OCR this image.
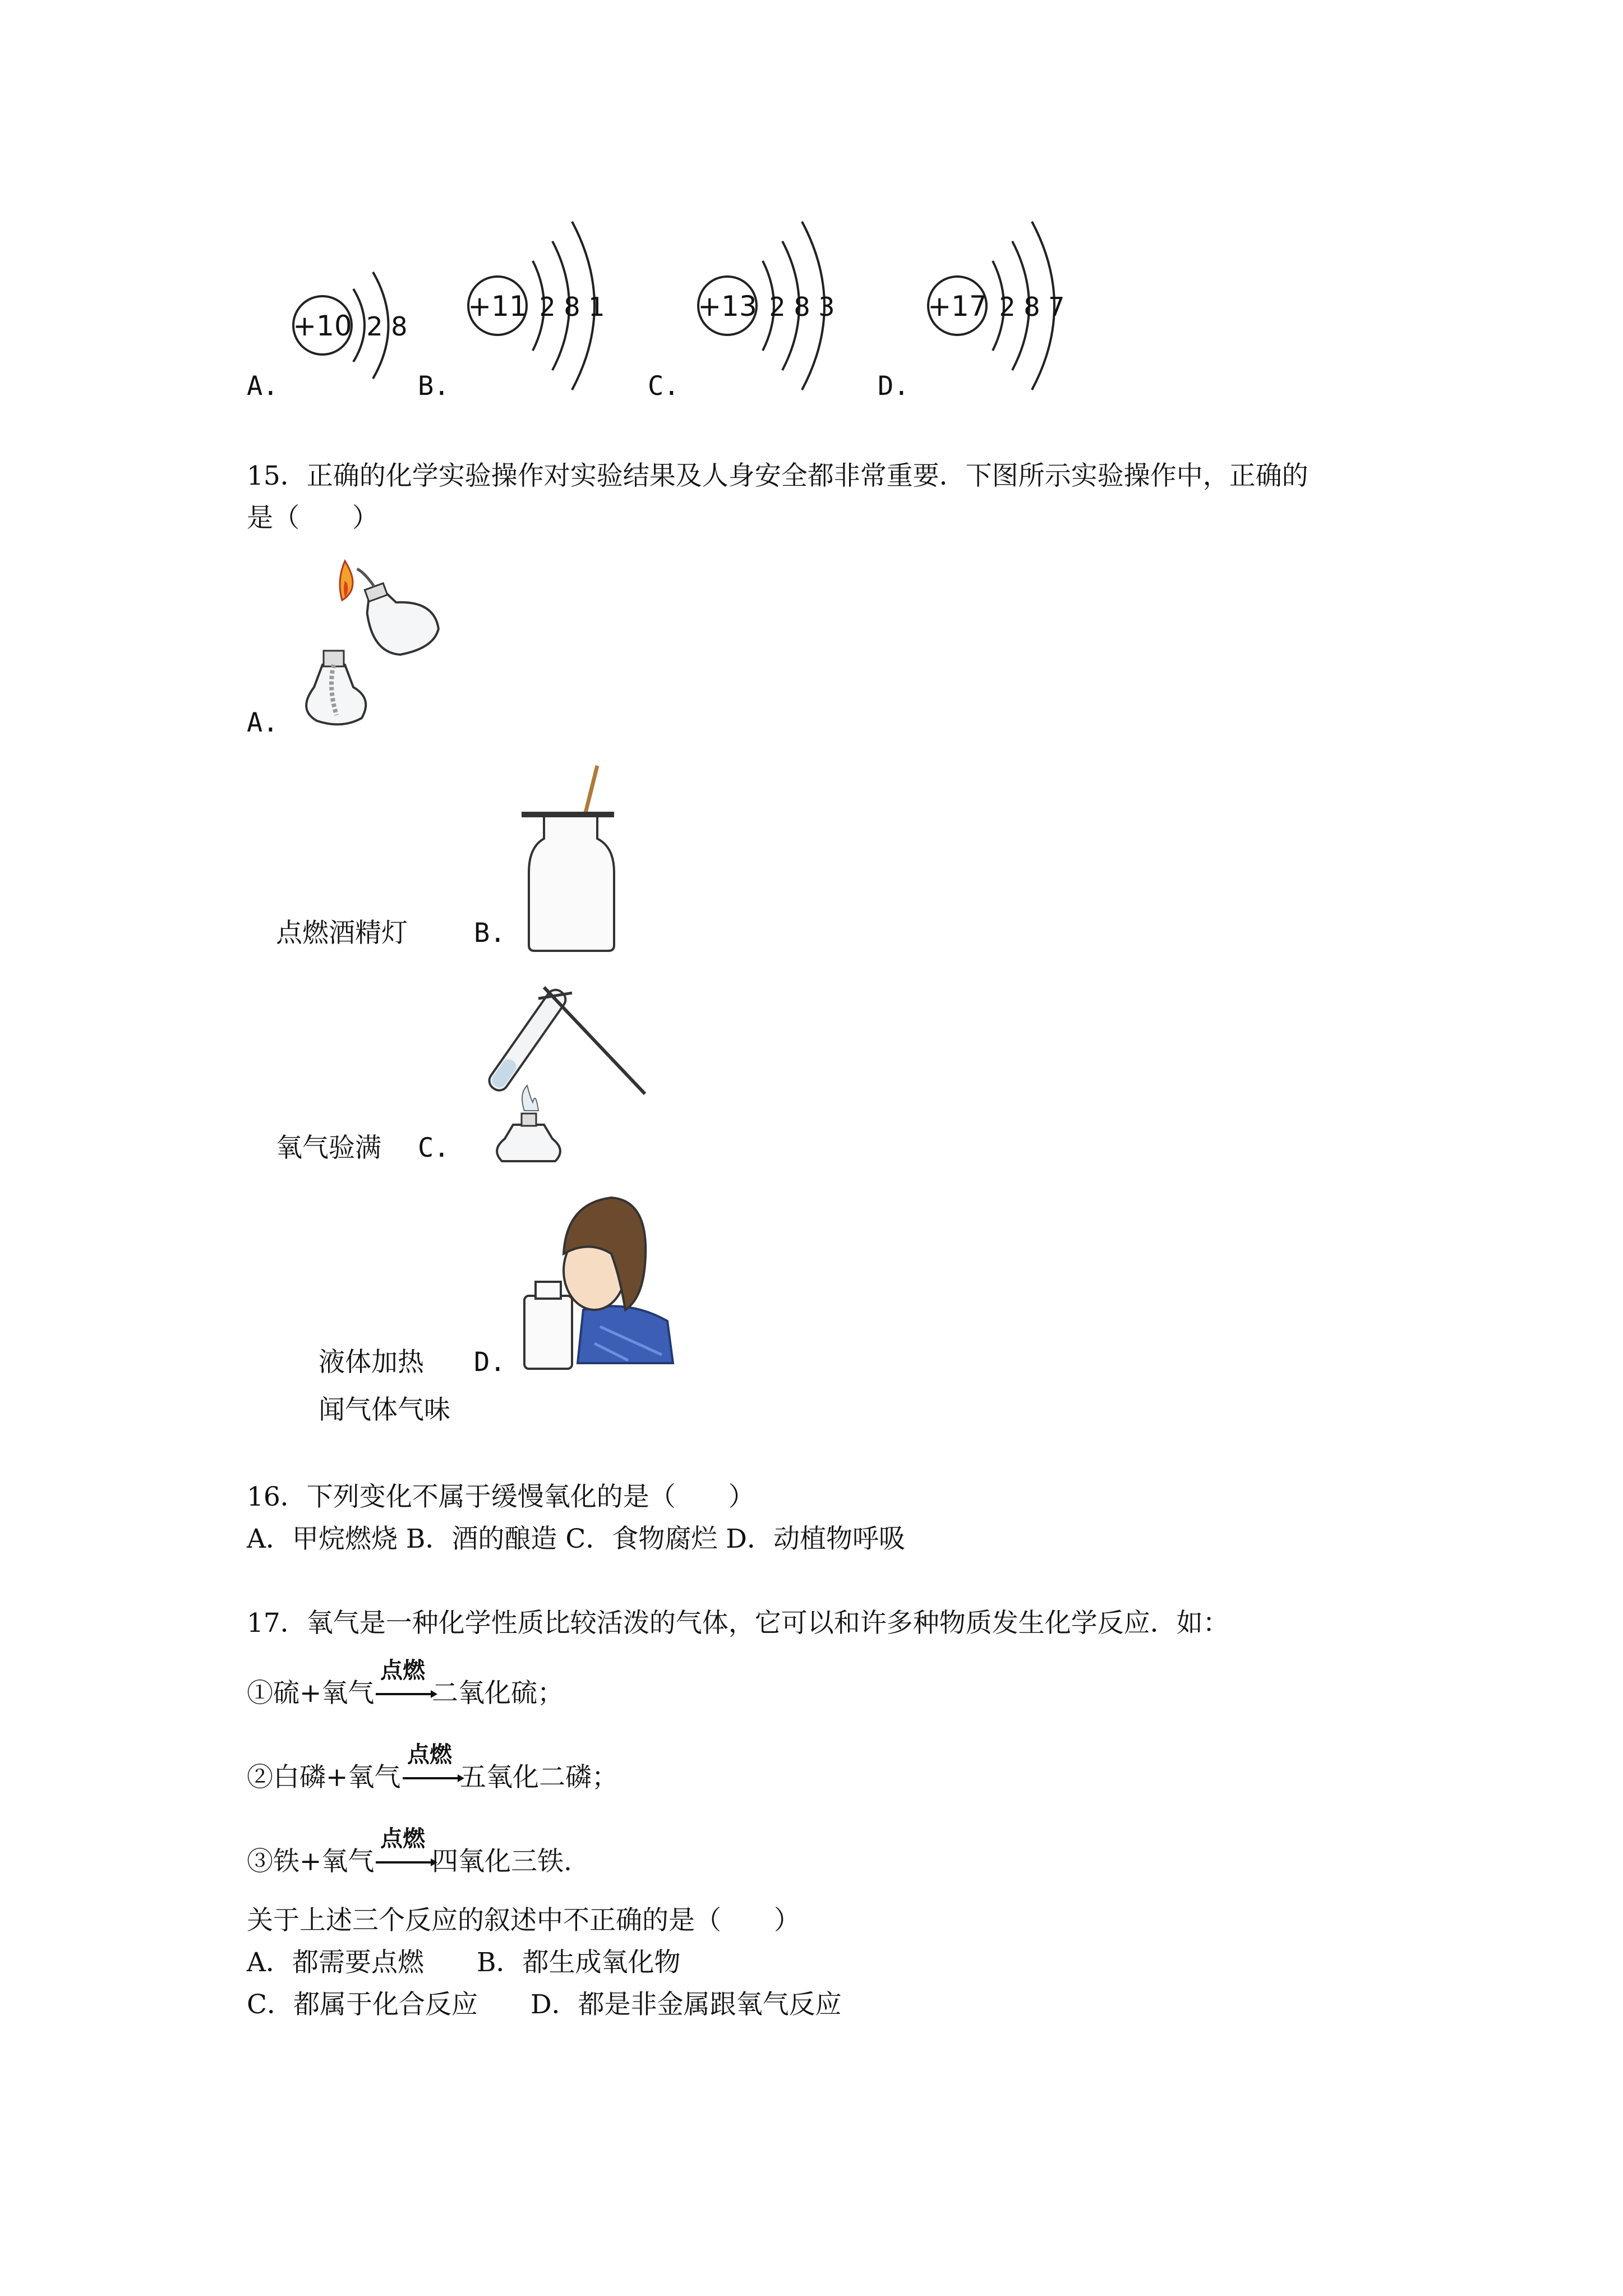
+10 2 8
A.
+11 2 8 1
B.
+13 2 8 3
C.
+17 2 8 7
D.
15．正确的化学实验操作对实验结果及人身安全都非常重要．下图所示实验操作中，正确的
是（　　）
A.
点燃酒精灯	B.
氧气验满 C.
液体加热 D.
闻气体气味
16．下列变化不属于缓慢氧化的是（　　）
A．甲烷燃烧 B．酒的酿造 C．食物腐烂 D．动植物呼吸
17．氧气是一种化学性质比较活泼的气体，它可以和许多种物质发生化学反应．如：
①硫+氧气
点燃
二氧化硫；
②白磷+氧气
点燃
五氧化二磷；
③铁+氧气
点燃
四氧化三铁.
关于上述三个反应的叙述中不正确的是（　　）
A．都需要点燃　　B．都生成氧化物
C．都属于化合反应　　D．都是非金属跟氧气反应
